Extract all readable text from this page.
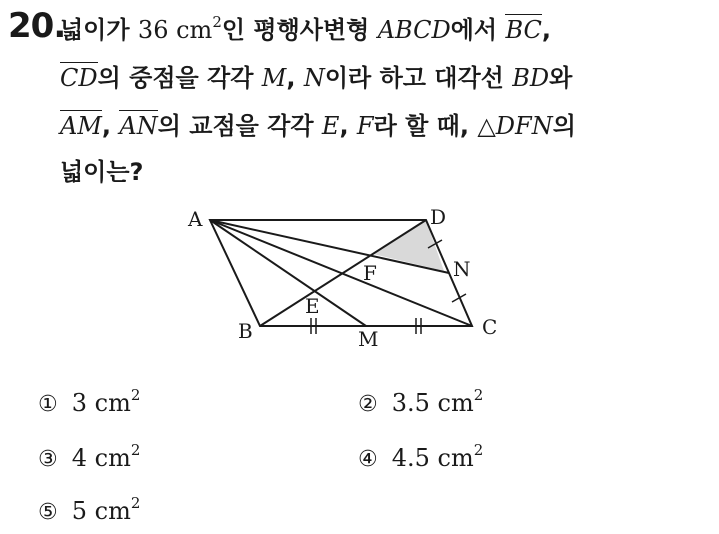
20.
넓이가 36 $cm^2$인 평행사변형 ABCD에서 BC,
CD의 중점을 각각 M, N이라 하고 대각선 BD와
AM, AN의 교점을 각각 E, F라 할 때, △DFN의
넓이는?
A	D
N
C
B	M
F
E
① 3 $cm^2$	② 3.5 $cm^2$
③ 4 $cm^2$	④ 4.5 $cm^2$
⑤ 5 $cm^2$
